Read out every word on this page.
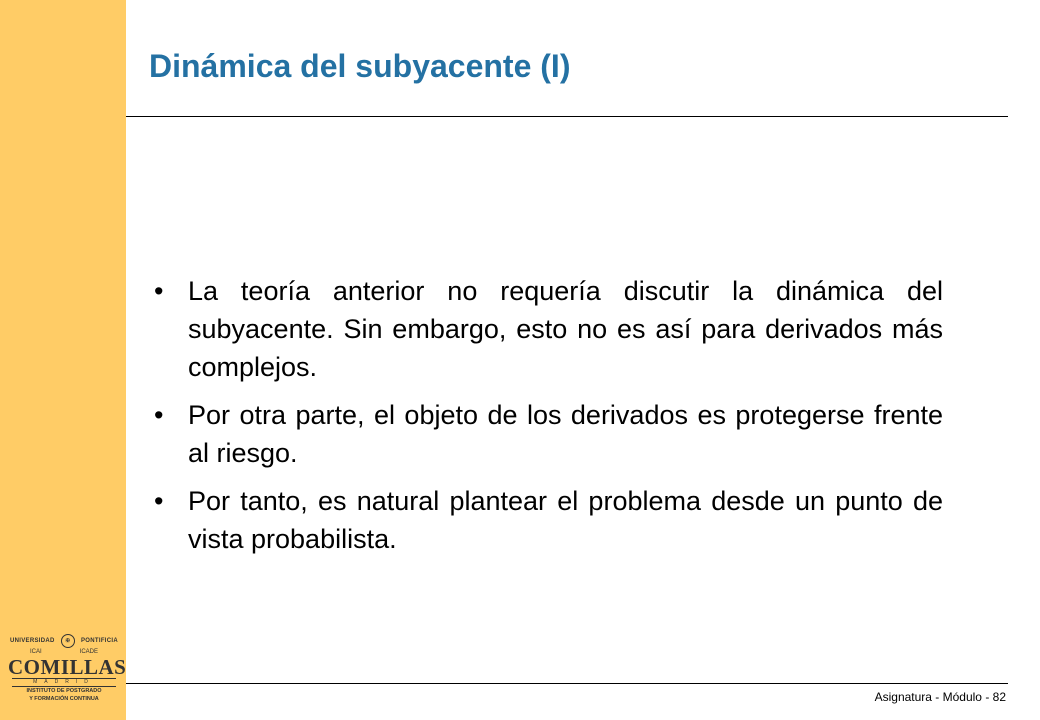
UNIVERSIDAD	✠	PONTIFICIA
ICAI	ICADE
COMILLAS
MADRID
INSTITUTO DE POSTGRADO
Y FORMACIÓN CONTINUA
Dinámica del subyacente (I)
• La teoría anterior no requería discutir la dinámica del subyacente. Sin embargo, esto no es así para derivados más complejos.
• Por otra parte, el objeto de los derivados es protegerse frente al riesgo.
• Por tanto, es natural plantear el problema desde un punto de vista probabilista.
Asignatura - Módulo - 82
